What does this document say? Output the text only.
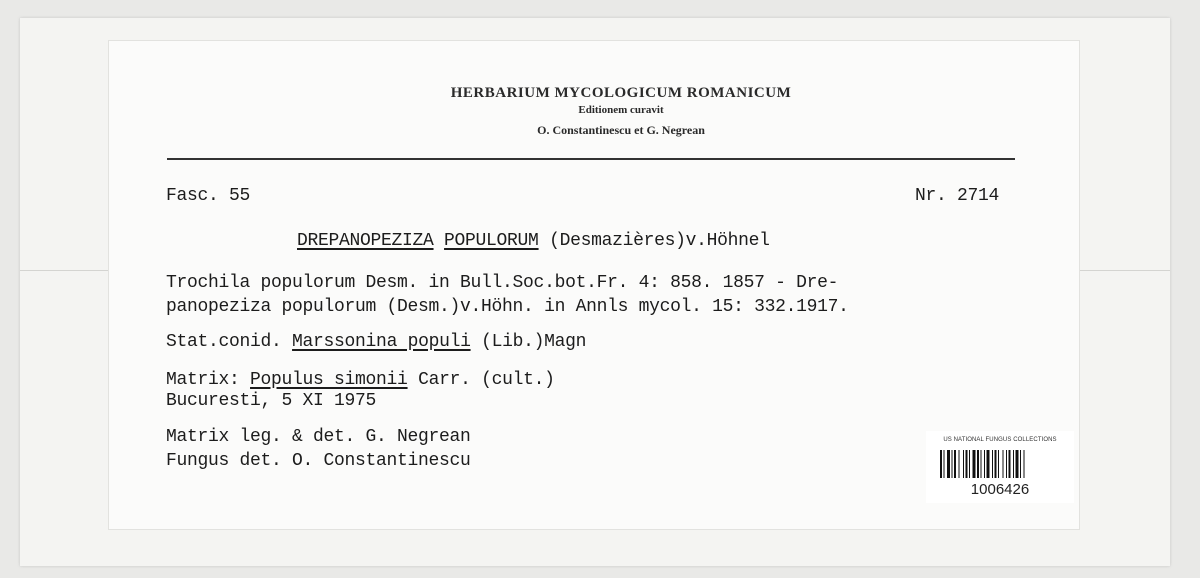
HERBARIUM MYCOLOGICUM ROMANICUM
Editionem curavit
O. Constantinescu et G. Negrean
Fasc. 55	Nr. 2714
DREPANOPEZIZA POPULORUM (Desmazières)v.Höhnel
Trochila populorum Desm. in Bull.Soc.bot.Fr. 4: 858. 1857 - Dre-
panopeziza populorum (Desm.)v.Höhn. in Annls mycol. 15: 332.1917.
Stat.conid. Marssonina populi (Lib.)Magn
Matrix: Populus simonii Carr. (cult.)
Bucuresti, 5 XI 1975
Matrix leg. & det. G. Negrean
Fungus det. O. Constantinescu
US NATIONAL FUNGUS COLLECTIONS
1006426
